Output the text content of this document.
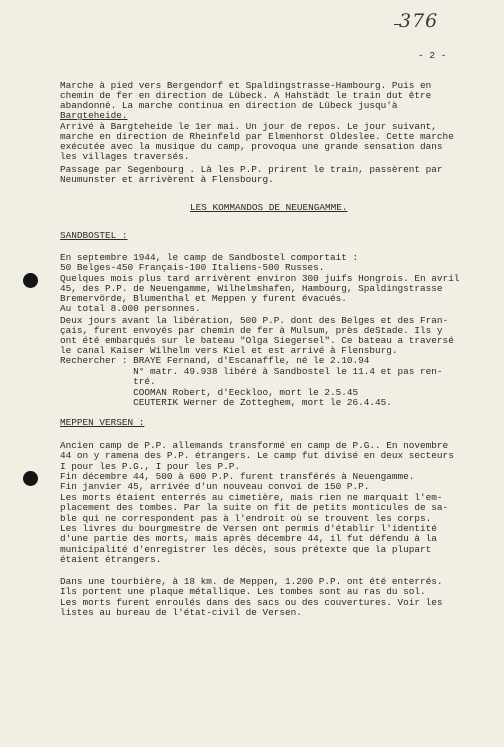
376
- 2 -
Marche à pied vers Bergendorf et Spaldingstrasse-Hambourg. Puis en
chemin de fer en direction de Lübeck. A Hahstädt le train dut être
abandonné. La marche continua en direction de Lübeck jusqu'à
Bargteheide.
Arrivé à Bargteheide le 1er mai. Un jour de repos. Le jour suivant,
marche en direction de Rheinfeld par Elmenhorst Oldeslee. Cette marche
exécutée avec la musique du camp, provoqua une grande sensation dans
les villages traversés.
Passage par Segenbourg . Là les P.P. prirent le train, passèrent par
Neumunster et arrivèrent à Flensbourg.
LES KOMMANDOS DE NEUENGAMME.
SANDBOSTEL :
En septembre 1944, le camp de Sandbostel comportait :
50 Belges-450 Français-100 Italiens-500 Russes.
Quelques mois plus tard arrivèrent environ 300 juifs Hongrois. En avril
45, des P.P. de Neuengamme, Wilhelmshafen, Hambourg, Spaldingstrasse
Bremervörde, Blumenthal et Meppen y furent évacués.
Au total 8.000 personnes.
Deux jours avant la libération, 500 P.P. dont des Belges et des Fran-
çais, furent envoyés par chemin de fer à Mulsum, près deStade. Ils y
ont été embarqués sur le bateau "Olga Siegersel". Ce bateau a traversé
le canal Kaiser Wilhelm vers Kiel et est arrivé à Flensburg.
Rechercher : BRAYE Fernand, d'Escanaffle, né le 2.10.94
N° matr. 49.938 libéré à Sandbostel le 11.4 et pas ren-
tré.
COOMAN Robert, d'Eeckloo, mort le 2.5.45
CEUTERIK Werner de Zotteghem, mort le 26.4.45.
MEPPEN VERSEN :
Ancien camp de P.P. allemands transformé en camp de P.G.. En novembre
44 on y ramena des P.P. étrangers. Le camp fut divisé en deux secteurs
I pour les P.G., I pour les P.P.
Fin décembre 44, 500 à 600 P.P. furent transférés à Neuengamme.
Fin janvier 45, arrivée d'un nouveau convoi de 150 P.P.
Les morts étaient enterrés au cimetière, mais rien ne marquait l'em-
placement des tombes. Par la suite on fit de petits monticules de sa-
ble qui ne correspondent pas à l'endroit où se trouvent les corps.
Les livres du bourgmestre de Versen ont permis d'établir l'identité
d'une partie des morts, mais après décembre 44, il fut défendu à la
municipalité d'enregistrer les décès, sous prétexte que la plupart
étaient étrangers.
Dans une tourbière, à 18 km. de Meppen, 1.200 P.P. ont été enterrés.
Ils portent une plaque métallique. Les tombes sont au ras du sol.
Les morts furent enroulés dans des sacs ou des couvertures. Voir les
listes au bureau de l'état-civil de Versen.
